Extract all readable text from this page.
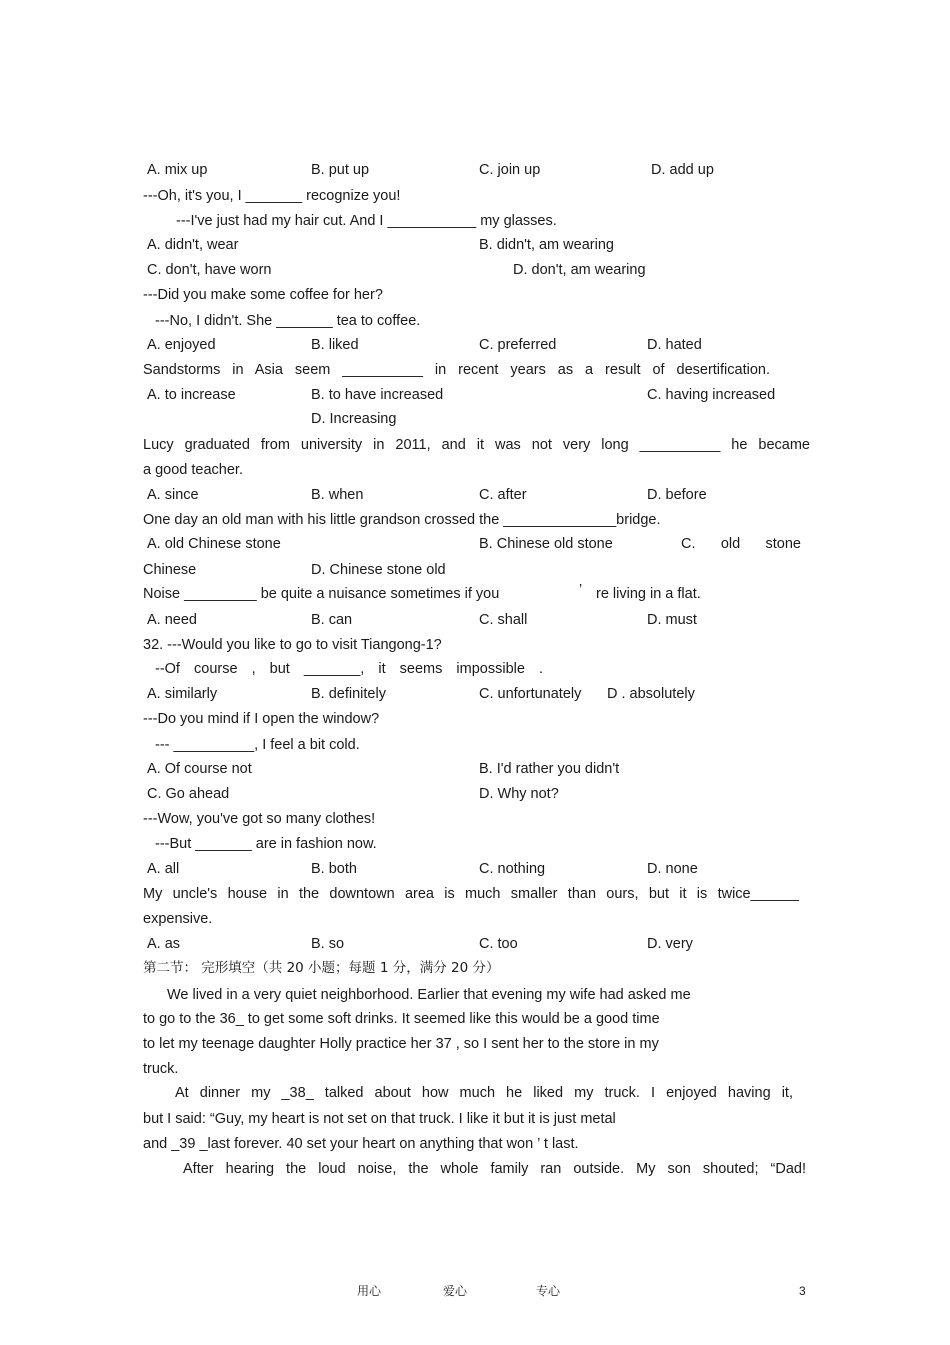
A. mix up	B. put up	C. join up	D. add up
---Oh, it's you, I _______ recognize you!
---I've just had my hair cut. And I ___________ my glasses.
A. didn't, wear	B. didn't, am wearing
C. don't, have worn	D. don't, am wearing
---Did you make some coffee for her?
---No, I didn't. She _______ tea to coffee.
A. enjoyed	B. liked	C. preferred	D. hated
Sandstorms in Asia seem __________ in recent years as a result of desertification.
A. to increase	B. to have increased	C. having increased
D. Increasing
Lucy graduated from university in 2011, and it was not very long __________ he became
a good teacher.
A. since	B. when	C. after	D. before
One day an old man with his little grandson crossed the ______________bridge.
A. old Chinese stone	B. Chinese old stone	C. old stone
Chinese	D. Chinese stone old
Noise _________ be quite a nuisance sometimes if you	’ re living in a flat.
A. need	B. can	C. shall	D. must
32. ---Would you like to go to visit Tiangong-1?
--Of course , but _______, it seems impossible .
A. similarly	B. definitely	C. unfortunately D . absolutely
---Do you mind if I open the window?
--- __________, I feel a bit cold.
A. Of course not	B. I'd rather you didn't
C. Go ahead	D. Why not?
---Wow, you've got so many clothes!
---But _______ are in fashion now.
A. all	B. both	C. nothing	D. none
My uncle's house in the downtown area is much smaller than ours, but it is twice______
expensive.
A. as	B. so	C. too	D. very
第二节： 完形填空（共 20 小题；每题 1 分，满分 20 分）
We lived in a very quiet neighborhood. Earlier that evening my wife had asked me
to go to the 36_ to get some soft drinks. It seemed like this would be a good time
to let my teenage daughter Holly practice her 37 , so I sent her to the store in my
truck.
At dinner my _38_ talked about how much he liked my truck. I enjoyed having it,
but I said: “Guy, my heart is not set on that truck. I like it but it is just metal
and _39 _last forever. 40 set your heart on anything that won ’ t last.
After hearing the loud noise, the whole family ran outside. My son shouted; “Dad!
用心	爱心	专心	3
